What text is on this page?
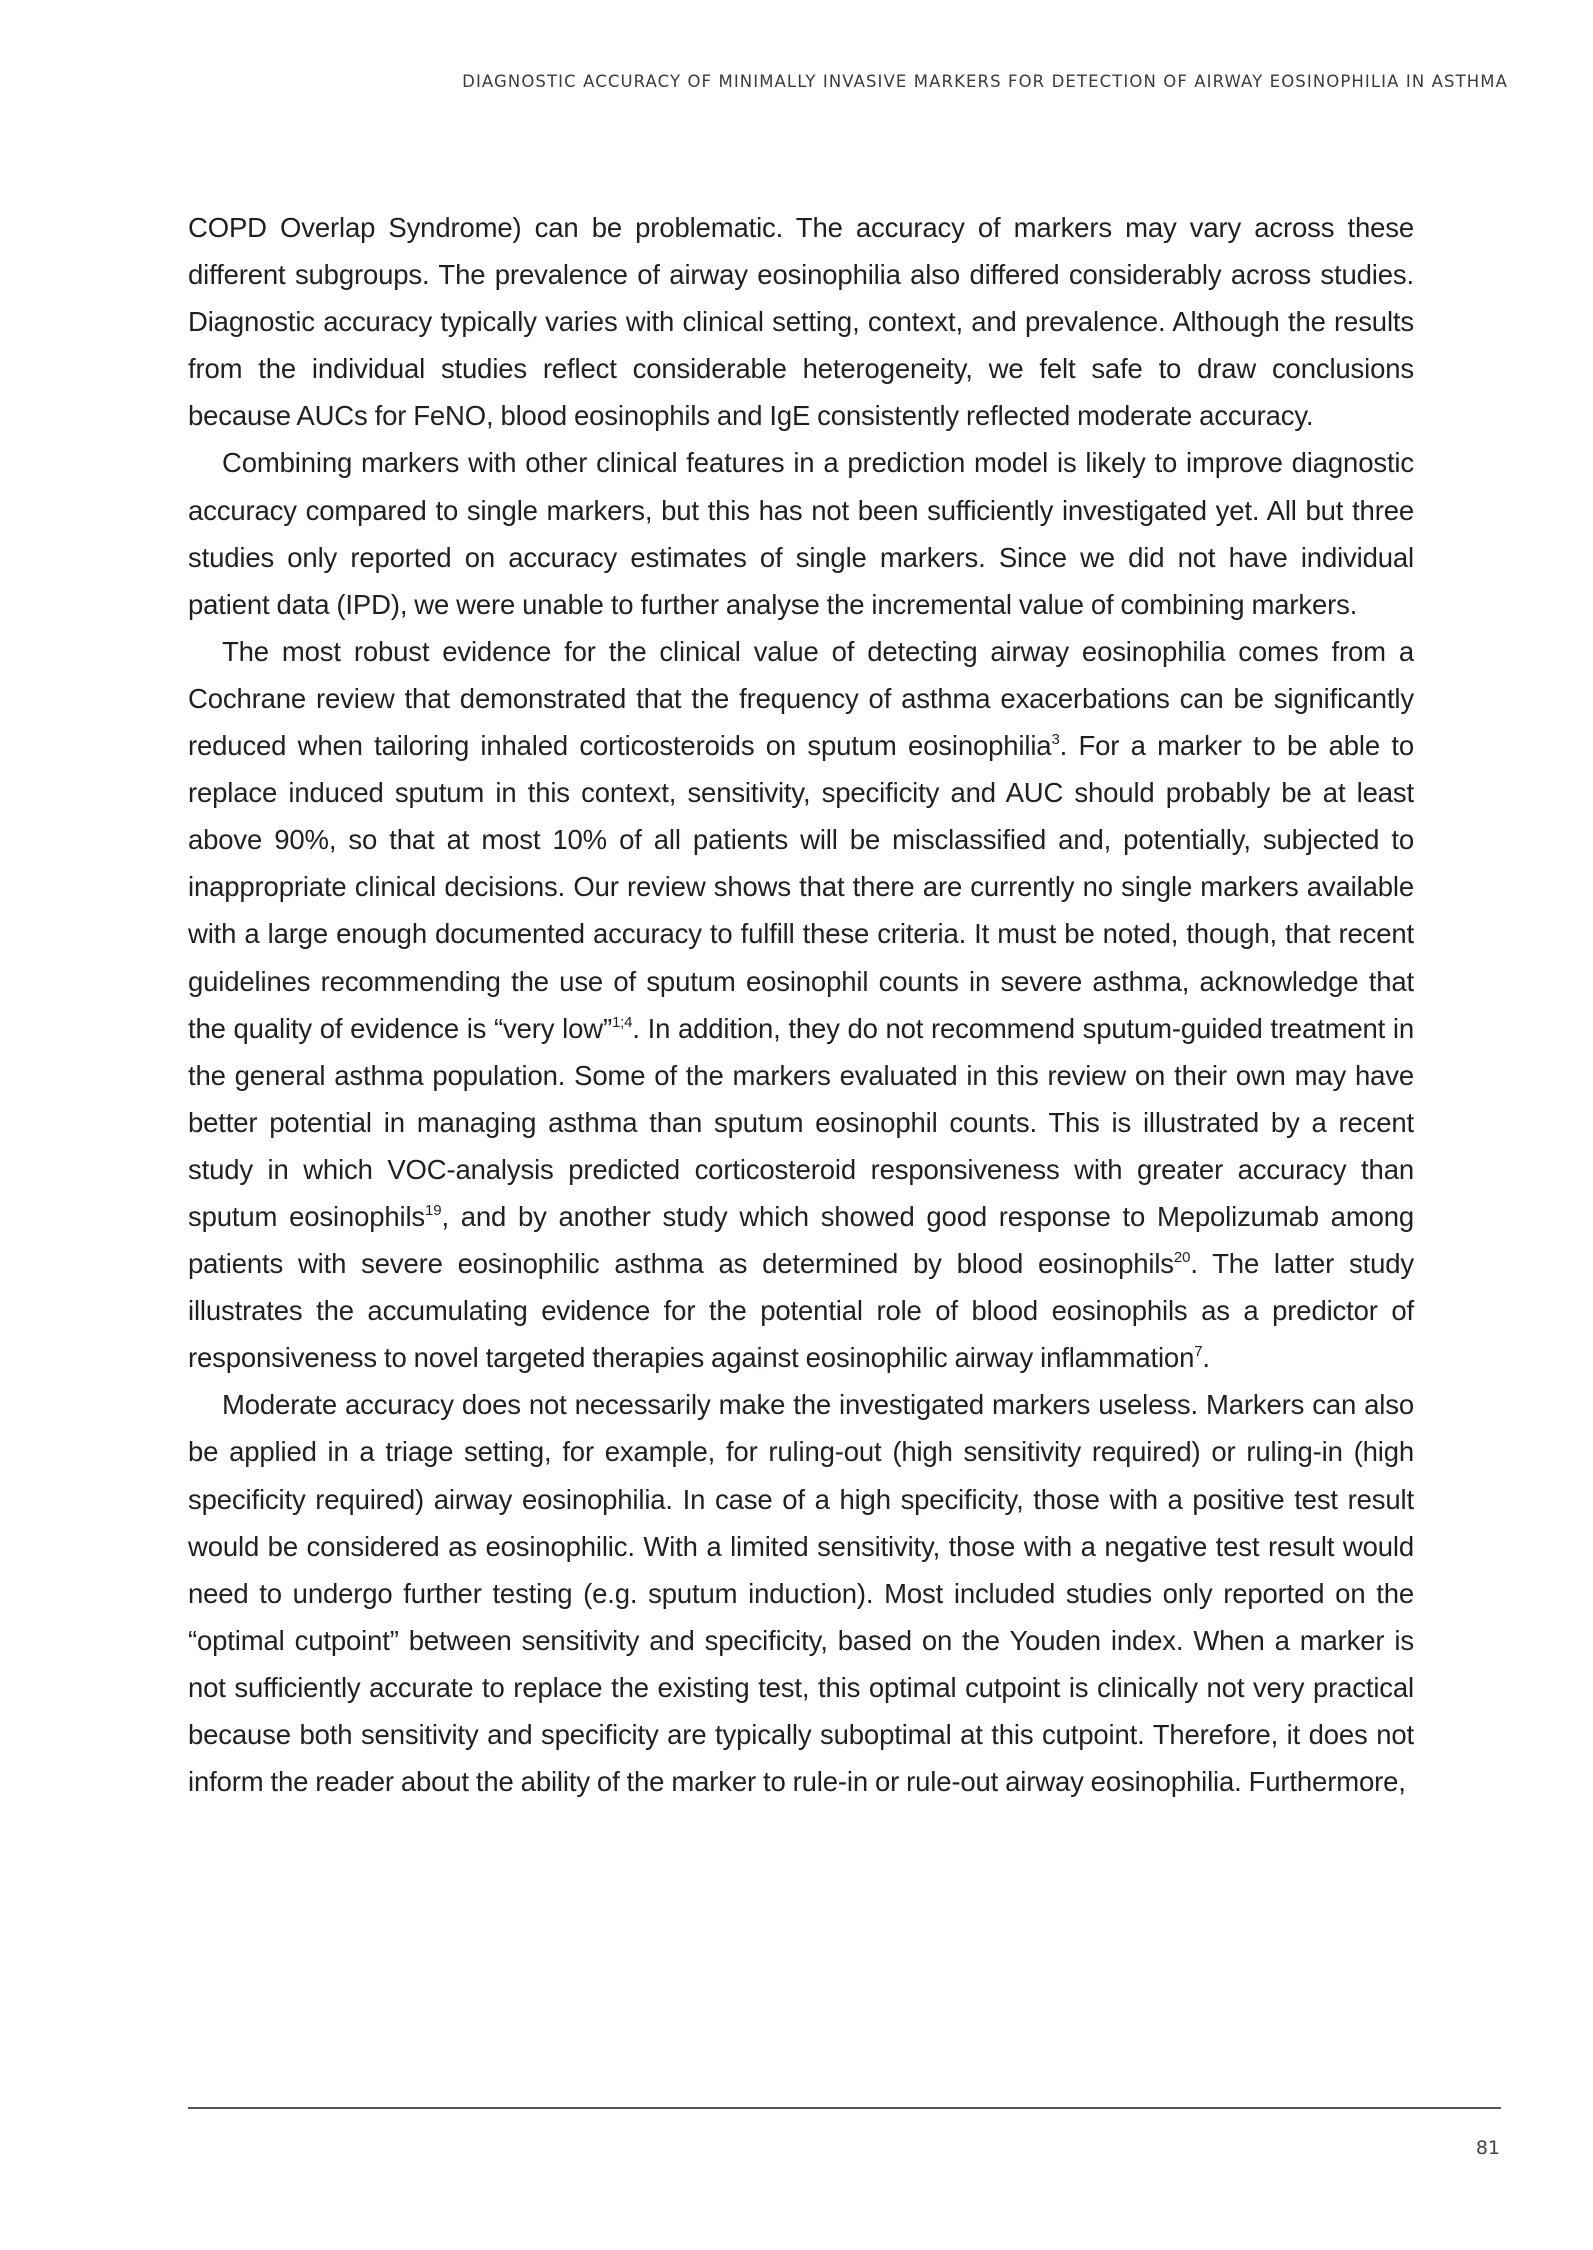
DIAGNOSTIC ACCURACY OF MINIMALLY INVASIVE MARKERS FOR DETECTION OF AIRWAY EOSINOPHILIA IN ASTHMA

COPD Overlap Syndrome) can be problematic. The accuracy of markers may vary across these different subgroups. The prevalence of airway eosinophilia also differed considerably across studies. Diagnostic accuracy typically varies with clinical setting, context, and prevalence. Although the results from the individual studies reflect considerable heterogeneity, we felt safe to draw conclusions because AUCs for FeNO, blood eosinophils and IgE consistently reflected moderate accuracy.

Combining markers with other clinical features in a prediction model is likely to improve diagnostic accuracy compared to single markers, but this has not been sufficiently investigated yet. All but three studies only reported on accuracy estimates of single markers. Since we did not have individual patient data (IPD), we were unable to further analyse the incremental value of combining markers.

The most robust evidence for the clinical value of detecting airway eosinophilia comes from a Cochrane review that demonstrated that the frequency of asthma exacerbations can be significantly reduced when tailoring inhaled corticosteroids on sputum eosinophilia$^3$. For a marker to be able to replace induced sputum in this context, sensitivity, specificity and AUC should probably be at least above 90%, so that at most 10% of all patients will be misclassified and, potentially, subjected to inappropriate clinical decisions. Our review shows that there are currently no single markers available with a large enough documented accuracy to fulfill these criteria. It must be noted, though, that recent guidelines recommending the use of sputum eosinophil counts in severe asthma, acknowledge that the quality of evidence is “very low”$^{1;4}$. In addition, they do not recommend sputum-guided treatment in the general asthma population. Some of the markers evaluated in this review on their own may have better potential in managing asthma than sputum eosinophil counts. This is illustrated by a recent study in which VOC-analysis predicted corticosteroid responsiveness with greater accuracy than sputum eosinophils$^{19}$, and by another study which showed good response to Mepolizumab among patients with severe eosinophilic asthma as determined by blood eosinophils$^{20}$. The latter study illustrates the accumulating evidence for the potential role of blood eosinophils as a predictor of responsiveness to novel targeted therapies against eosinophilic airway inflammation$^7$.

Moderate accuracy does not necessarily make the investigated markers useless. Markers can also be applied in a triage setting, for example, for ruling-out (high sensitivity required) or ruling-in (high specificity required) airway eosinophilia. In case of a high specificity, those with a positive test result would be considered as eosinophilic. With a limited sensitivity, those with a negative test result would need to undergo further testing (e.g. sputum induction). Most included studies only reported on the “optimal cutpoint” between sensitivity and specificity, based on the Youden index. When a marker is not sufficiently accurate to replace the existing test, this optimal cutpoint is clinically not very practical because both sensitivity and specificity are typically suboptimal at this cutpoint. Therefore, it does not inform the reader about the ability of the marker to rule-in or rule-out airway eosinophilia. Furthermore,

81
